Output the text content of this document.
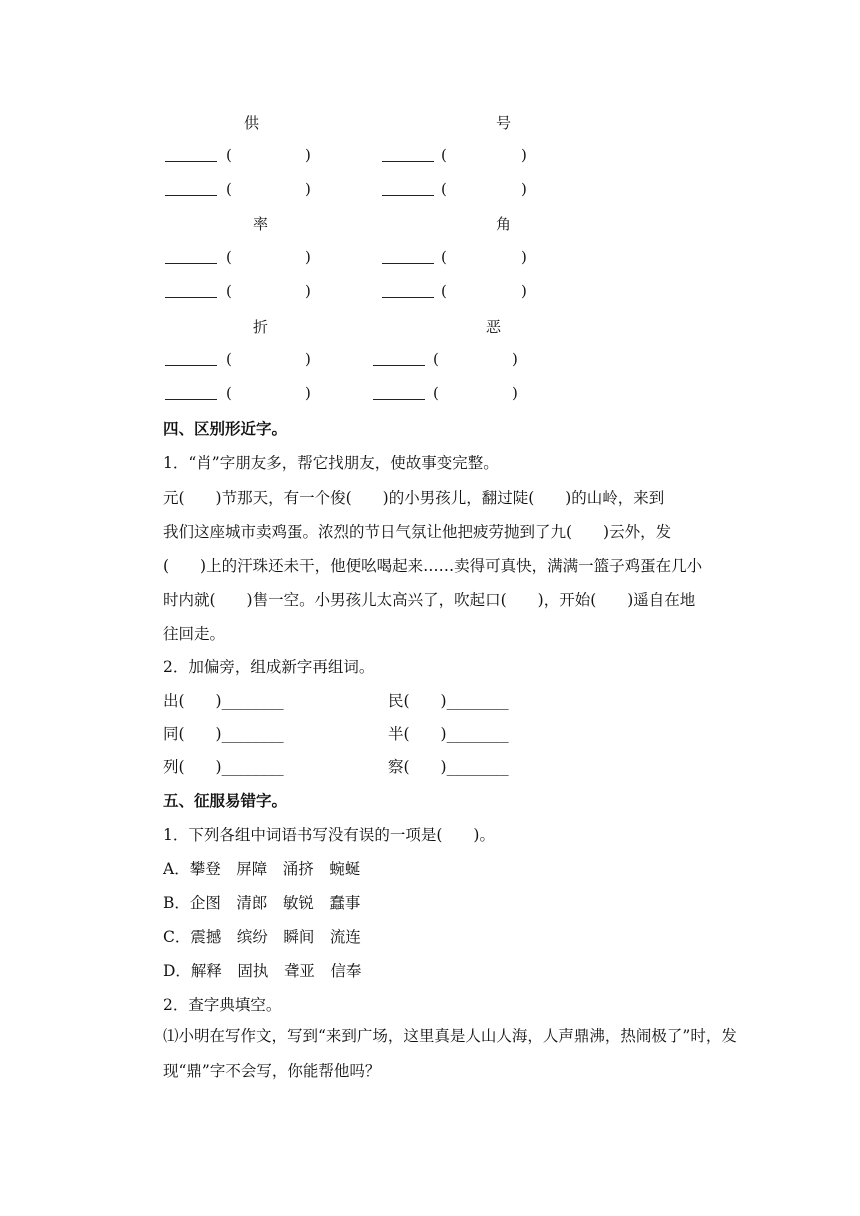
供	号
(	)	(	)
(	)	(	)
率	角
(	)	(	)
(	)	(	)
折	恶
(	)	(	)
(	)	(	)
四、区别形近字。
1．“肖”字朋友多，帮它找朋友，使故事变完整。
元(　　)节那天，有一个俊(　　)的小男孩儿，翻过陡(　　)的山岭，来到
我们这座城市卖鸡蛋。浓烈的节日气氛让他把疲劳抛到了九(　　)云外，发
(　　)上的汗珠还未干，他便吆喝起来……卖得可真快，满满一篮子鸡蛋在几小
时内就(　　)售一空。小男孩儿太高兴了，吹起口(　　)，开始(　　)遥自在地
往回走。
2．加偏旁，组成新字再组词。
出(　　)________	民(　　)________
同(　　)________	半(　　)________
列(　　)________	察(　　)________
五、征服易错字。
1．下列各组中词语书写没有误的一项是(　　)。
A．攀登　屏障　涌挤　蜿蜒
B．企图　清郎　敏锐　蠢事
C．震撼　缤纷　瞬间　流连
D．解释　固执　聋亚　信奉
2．查字典填空。
⑴小明在写作文，写到“来到广场，这里真是人山人海，人声鼎沸，热闹极了”时，发现“鼎”字不会写，你能帮他吗？
